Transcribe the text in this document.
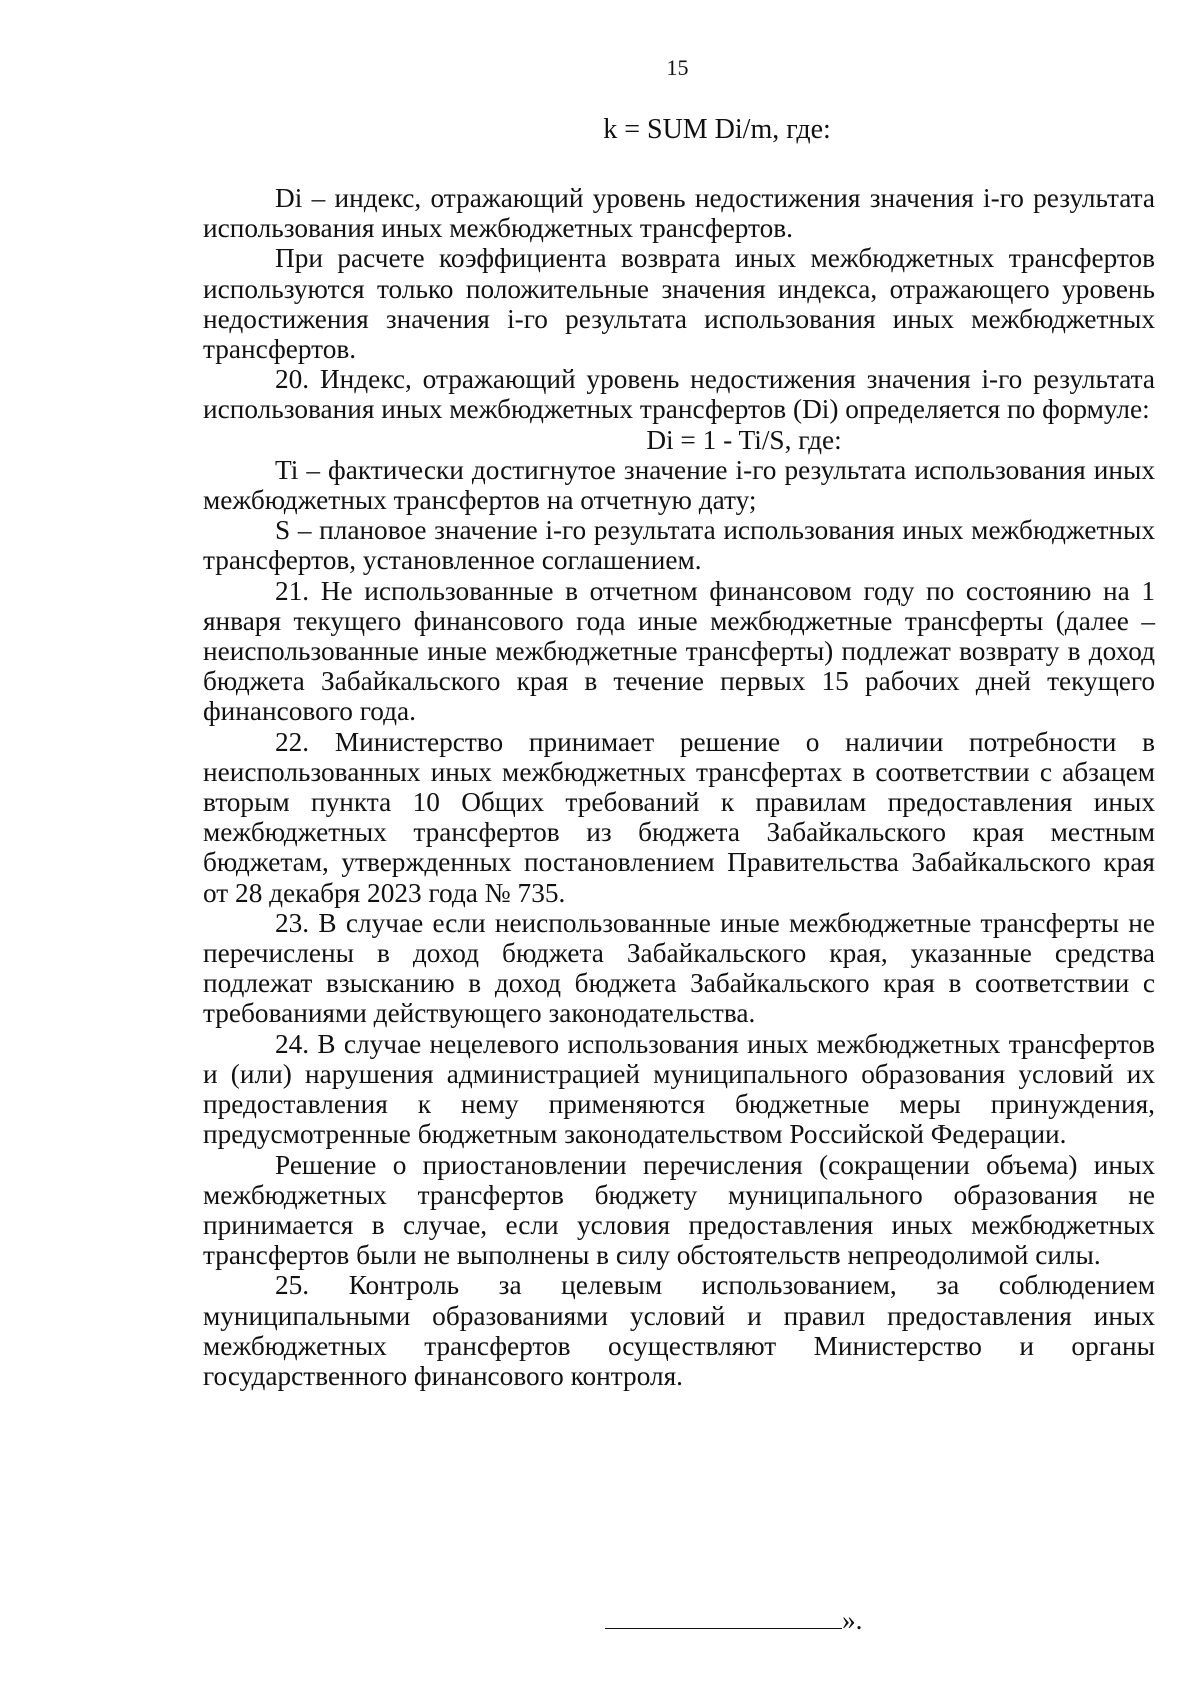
15
k = SUM Di/m, где:

Di – индекс, отражающий уровень недостижения значения i-го результата использования иных межбюджетных трансфертов.

При расчете коэффициента возврата иных межбюджетных трансфертов используются только положительные значения индекса, отражающего уровень недостижения значения i-го результата использования иных межбюджетных трансфертов.

20. Индекс, отражающий уровень недостижения значения i-го результата использования иных межбюджетных трансфертов (Di) определяется по формуле:

Di = 1 - Ti/S, где:

Ti – фактически достигнутое значение i-го результата использования иных межбюджетных трансфертов на отчетную дату;

S – плановое значение i-го результата использования иных межбюджетных трансфертов, установленное соглашением.

21. Не использованные в отчетном финансовом году по состоянию на 1 января текущего финансового года иные межбюджетные трансферты (далее – неиспользованные иные межбюджетные трансферты) подлежат возврату в доход бюджета Забайкальского края в течение первых 15 рабочих дней текущего финансового года.

22. Министерство принимает решение о наличии потребности в неиспользованных иных межбюджетных трансфертах в соответствии с абзацем вторым пункта 10 Общих требований к правилам предоставления иных межбюджетных трансфертов из бюджета Забайкальского края местным бюджетам, утвержденных постановлением Правительства Забайкальского края от 28 декабря 2023 года № 735.

23. В случае если неиспользованные иные межбюджетные трансферты не перечислены в доход бюджета Забайкальского края, указанные средства подлежат взысканию в доход бюджета Забайкальского края в соответствии с требованиями действующего законодательства.

24. В случае нецелевого использования иных межбюджетных трансфертов и (или) нарушения администрацией муниципального образования условий их предоставления к нему применяются бюджетные меры принуждения, предусмотренные бюджетным законодательством Российской Федерации.

Решение о приостановлении перечисления (сокращении объема) иных межбюджетных трансфертов бюджету муниципального образования не принимается в случае, если условия предоставления иных межбюджетных трансфертов были не выполнены в силу обстоятельств непреодолимой силы.

25. Контроль за целевым использованием, за соблюдением муниципальными образованиями условий и правил предоставления иных межбюджетных трансфертов осуществляют Министерство и органы государственного финансового контроля.

».
